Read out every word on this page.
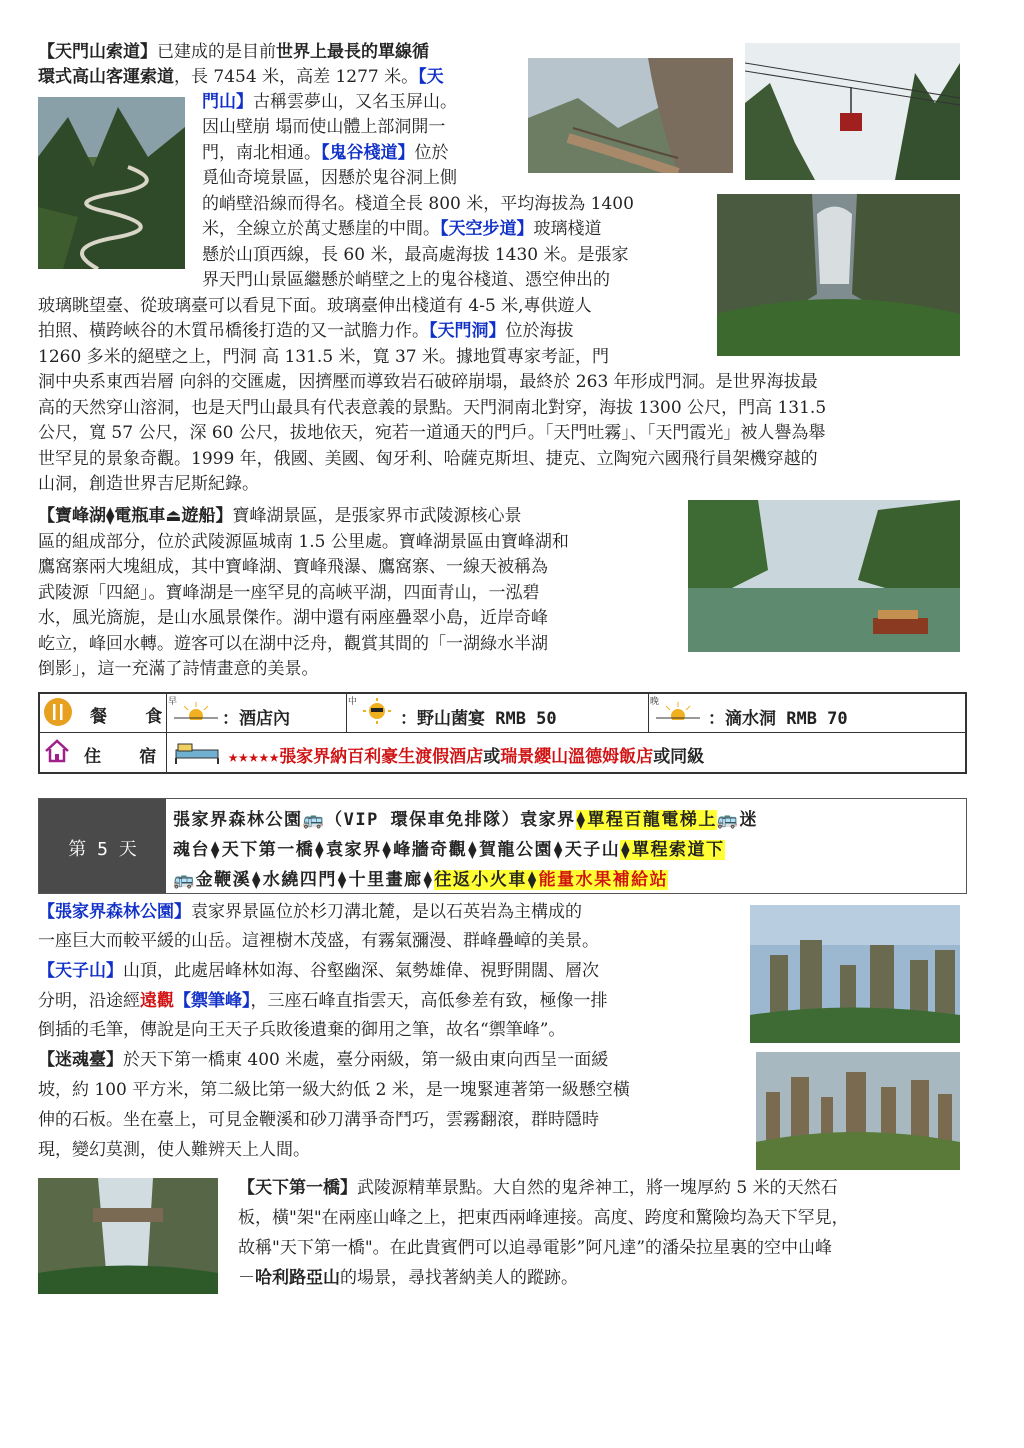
【天門山索道】已建成的是目前世界上最長的單線循
環式高山客運索道，長 7454 米，高差 1277 米。【天
門山】古稱雲夢山，又名玉屏山。
因山壁崩 塌而使山體上部洞開一
門，南北相通。【鬼谷棧道】位於
覓仙奇境景區，因懸於鬼谷洞上側
的峭壁沿線而得名。棧道全長 800 米，平均海拔為 1400
米，全線立於萬丈懸崖的中間。【天空步道】玻璃棧道
懸於山頂西線，長 60 米，最高處海拔 1430 米。是張家
界天門山景區繼懸於峭壁之上的鬼谷棧道、憑空伸出的
玻璃眺望臺、從玻璃臺可以看見下面。玻璃臺伸出棧道有 4-5 米,專供遊人
拍照、橫跨峽谷的木質吊橋後打造的又一試膽力作。【天門洞】位於海拔
1260 多米的絕壁之上，門洞 高 131.5 米，寬 37 米。據地質專家考証，門
洞中央系東西岩層 向斜的交匯處，因擠壓而導致岩石破碎崩塌，最終於 263 年形成門洞。是世界海拔最
高的天然穿山溶洞，也是天門山最具有代表意義的景點。天門洞南北對穿，海拔 1300 公尺，門高 131.5
公尺，寬 57 公尺，深 60 公尺，拔地依天，宛若一道通天的門戶。「天門吐霧」、「天門霞光」被人譽為舉
世罕見的景象奇觀。1999 年，俄國、美國、匈牙利、哈薩克斯坦、捷克、立陶宛六國飛行員架機穿越的
山洞，創造世界吉尼斯紀錄。
【寶峰湖⧫電瓶車⏏遊船】寶峰湖景區，是張家界市武陵源核心景
區的組成部分，位於武陵源區城南 1.5 公里處。寶峰湖景區由寶峰湖和
鷹窩寨兩大塊組成，其中寶峰湖、寶峰飛瀑、鷹窩寨、一線天被稱為
武陵源「四絕」。寶峰湖是一座罕見的高峽平湖，四面青山，一泓碧
水，風光旖旎，是山水風景傑作。湖中還有兩座疊翠小島，近岸奇峰
屹立，峰回水轉。遊客可以在湖中泛舟，觀賞其間的「一湖綠水半湖
倒影」，這一充滿了詩情畫意的美景。
餐 食
早
：酒店內
中
：野山菌宴 RMB 50
晚
：滴水洞 RMB 70
住 宿	★★★★★張家界納百利豪生渡假酒店或瑞景纓山溫德姆飯店或同級
第 5 天
張家界森林公園🚌（VIP 環保車免排隊）袁家界⧫單程百龍電梯上🚌迷
魂台⧫天下第一橋⧫袁家界⧫峰牆奇觀⧫賀龍公園⧫天子山⧫單程索道下
🚌金鞭溪⧫水繞四門⧫十里畫廊⧫往返小火車⧫能量水果補給站
【張家界森林公園】袁家界景區位於杉刀溝北麓，是以石英岩為主構成的
一座巨大而較平緩的山岳。這裡樹木茂盛，有霧氣瀰漫、群峰疊嶂的美景。
【天子山】山頂，此處居峰林如海、谷壑幽深、氣勢雄偉、視野開闊、層次
分明，沿途經遠觀【禦筆峰】，三座石峰直指雲天，高低參差有致，極像一排
倒插的毛筆，傳說是向王天子兵敗後遺棄的御用之筆，故名“禦筆峰”。
【迷魂臺】於天下第一橋東 400 米處，臺分兩級，第一級由東向西呈一面緩
坡，約 100 平方米，第二級比第一級大約低 2 米，是一塊緊連著第一級懸空橫
伸的石板。坐在臺上，可見金鞭溪和砂刀溝爭奇鬥巧，雲霧翻滾，群時隱時
現，變幻莫測，使人難辨天上人間。
【天下第一橋】武陵源精華景點。大自然的鬼斧神工，將一塊厚約 5 米的天然石
板，橫"架"在兩座山峰之上，把東西兩峰連接。高度、跨度和驚險均為天下罕見，
故稱"天下第一橋"。在此貴賓們可以追尋電影”阿凡達”的潘朵拉星裏的空中山峰
－哈利路亞山的場景，尋找著納美人的蹤跡。
